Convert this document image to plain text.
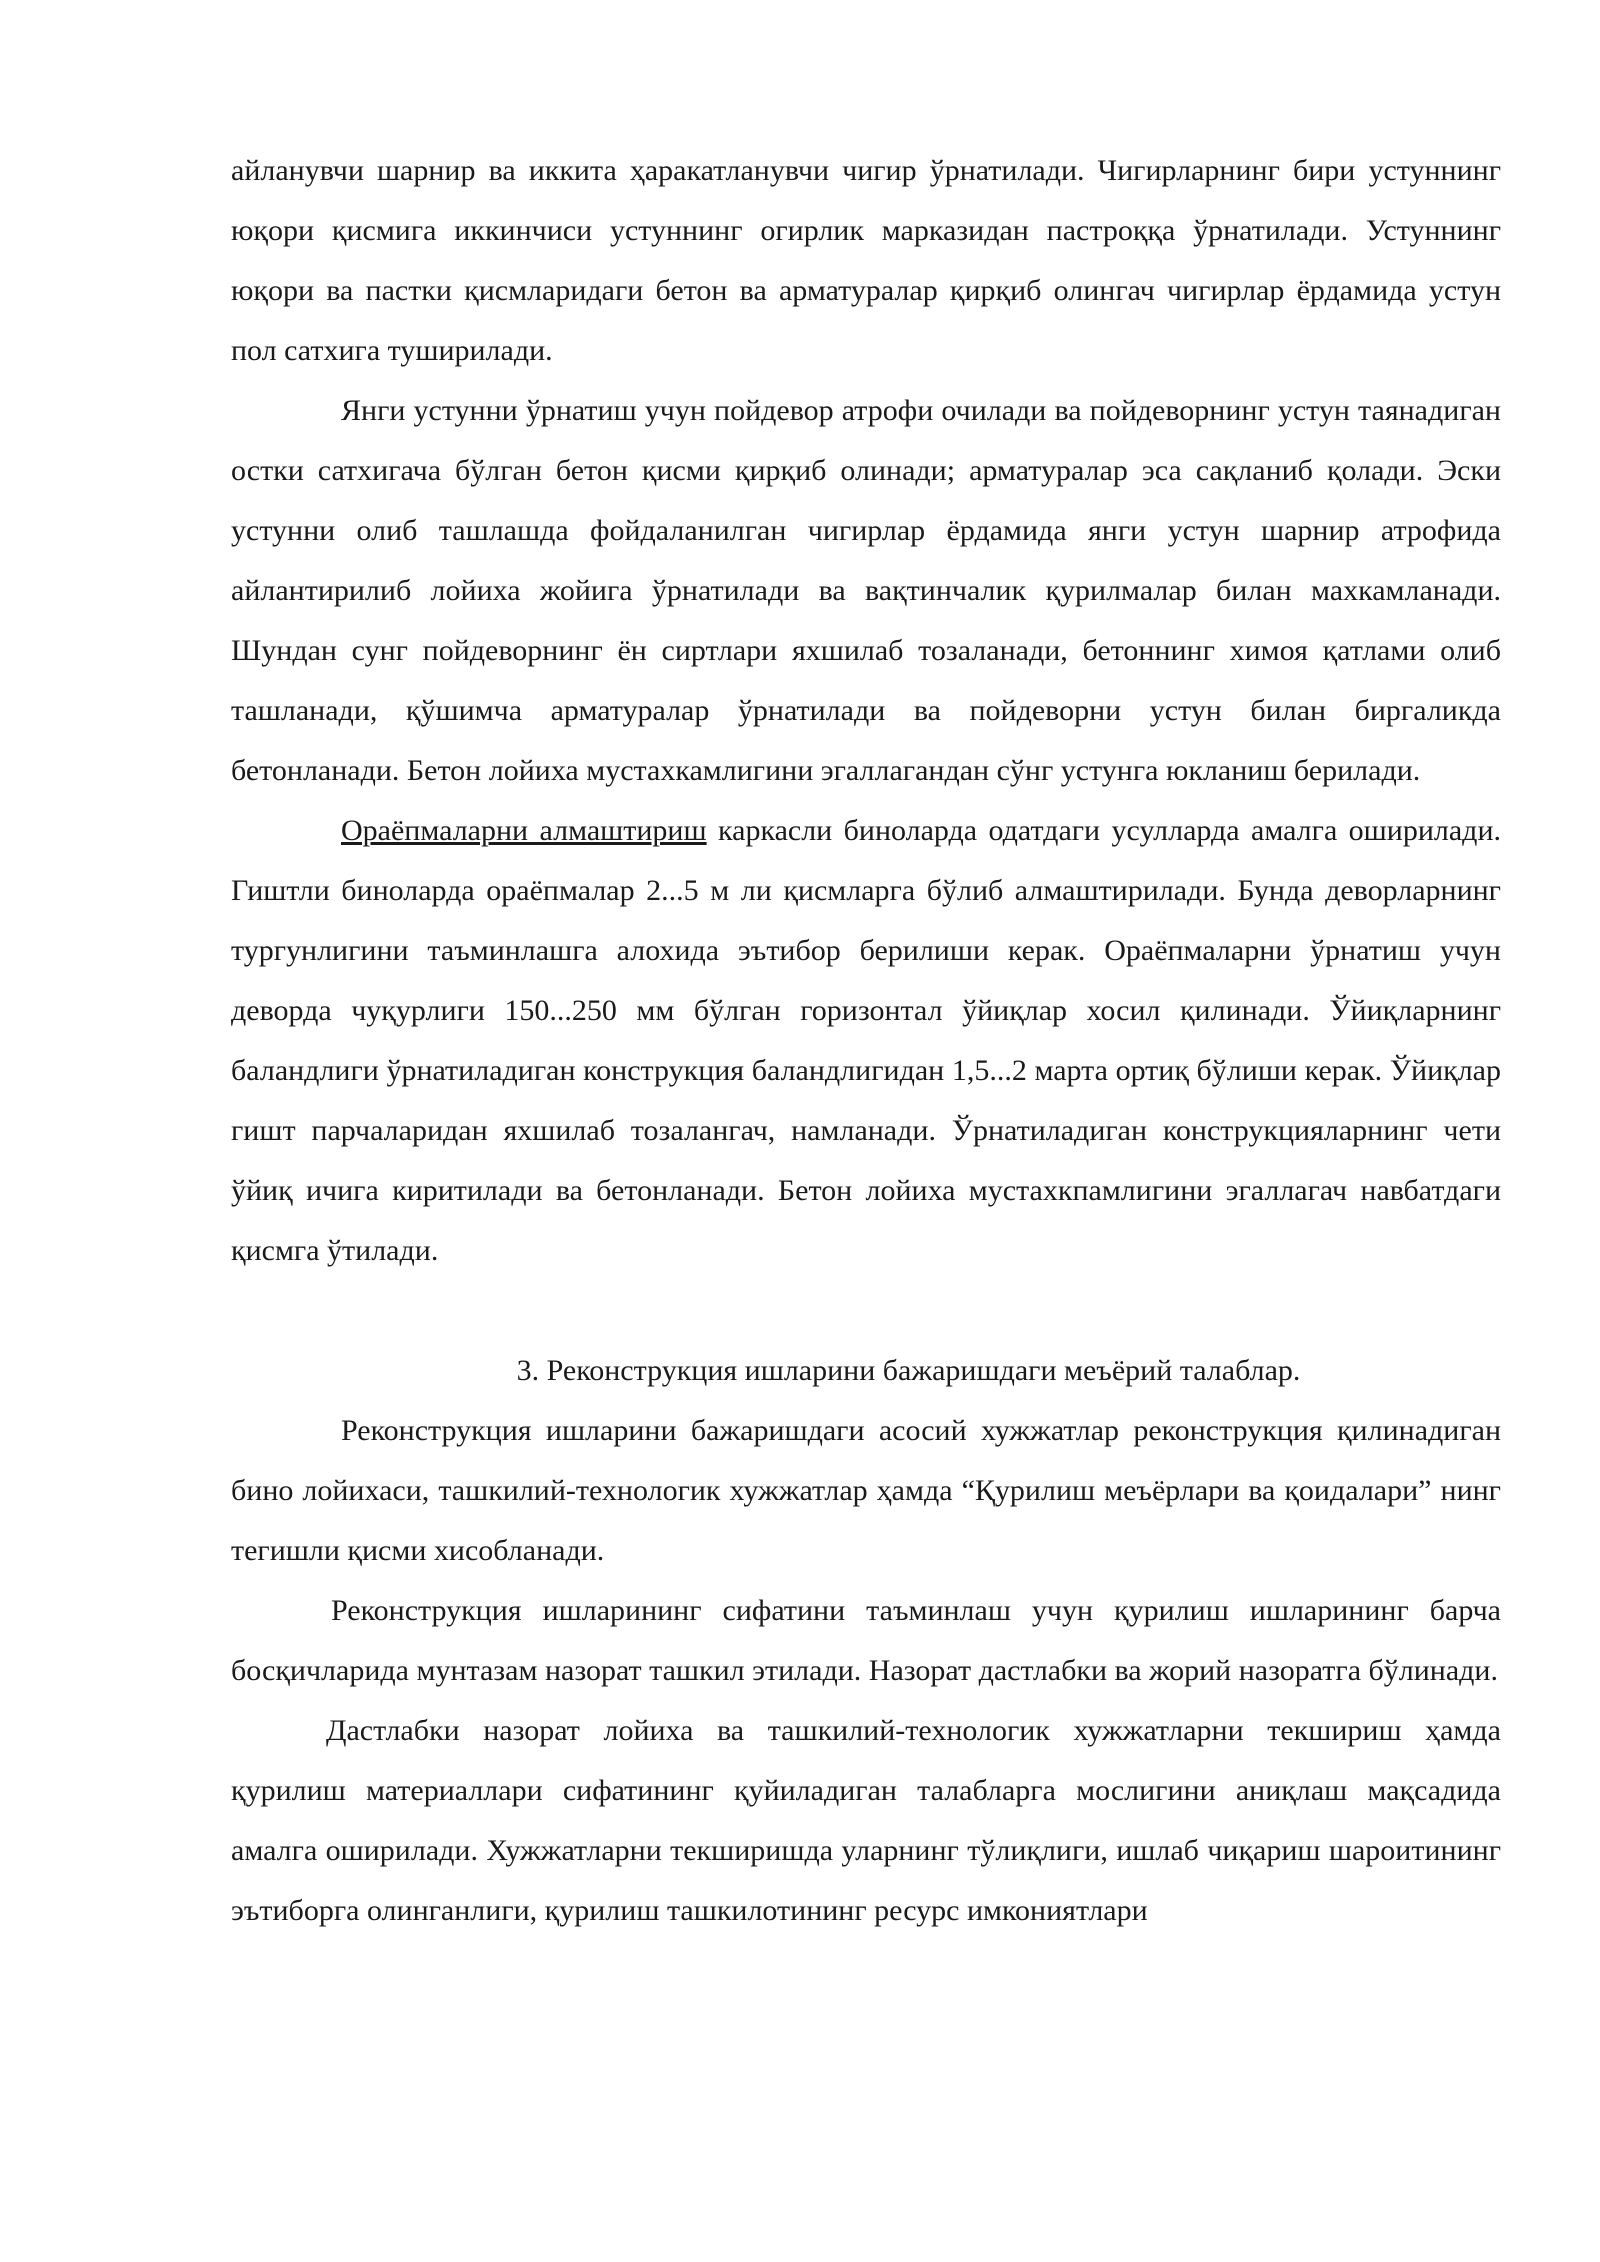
айланувчи шарнир ва иккита ҳаракатланувчи чигир ўрнатилади. Чигирларнинг бири устуннинг юқори қисмига иккинчиси устуннинг огирлик марказидан пастроққа ўрнатилади. Устуннинг юқори ва пастки қисмларидаги бетон ва арматуралар қирқиб олингач чигирлар ёрдамида устун пол сатхига туширилади.

Янги устунни ўрнатиш учун пойдевор атрофи очилади ва пойдеворнинг устун таянадиган остки сатхигача бўлган бетон қисми қирқиб олинади; арматуралар эса сақланиб қолади. Эски устунни олиб ташлашда фойдаланилган чигирлар ёрдамида янги устун шарнир атрофида айлантирилиб лойиха жойига ўрнатилади ва вақтинчалик қурилмалар билан махкамланади. Шундан сунг пойдеворнинг ён сиртлари яхшилаб тозаланади, бетоннинг химоя қатлами олиб ташланади, қўшимча арматуралар ўрнатилади ва пойдеворни устун билан биргаликда бетонланади. Бетон лойиха мустахкамлигини эгаллагандан сўнг устунга юкланиш берилади.

Ораёпмаларни алмаштириш каркасли биноларда одатдаги усулларда амалга оширилади. Гиштли биноларда ораёпмалар 2...5 м ли қисмларга бўлиб алмаштирилади. Бунда деворларнинг тургунлигини таъминлашга алохида эътибор берилиши керак. Ораёпмаларни ўрнатиш учун деворда чуқурлиги 150...250 мм бўлган горизонтал ўйиқлар хосил қилинади. Ўйиқларнинг баландлиги ўрнатиладиган конструкция баландлигидан 1,5...2 марта ортиқ бўлиши керак. Ўйиқлар гишт парчаларидан яхшилаб тозалангач, намланади. Ўрнатиладиган конструкцияларнинг чети ўйиқ ичига киритилади ва бетонланади. Бетон лойиха мустахкпамлигини эгаллагач навбатдаги қисмга ўтилади.

3. Реконструкция ишларини бажаришдаги меъёрий талаблар.

Реконструкция ишларини бажаришдаги асосий хужжатлар реконструкция қилинадиган бино лойихаси, ташкилий-технологик хужжатлар ҳамда “Қурилиш меъёрлари ва қоидалари” нинг тегишли қисми хисобланади.

Реконструкция ишларининг сифатини таъминлаш учун қурилиш ишларининг барча босқичларида мунтазам назорат ташкил этилади. Назорат дастлабки ва жорий назоратга бўлинади.

Дастлабки назорат лойиха ва ташкилий-технологик хужжатларни текшириш ҳамда қурилиш материаллари сифатининг қуйиладиган талабларга мослигини аниқлаш мақсадида амалга оширилади. Хужжатларни текширишда уларнинг тўлиқлиги, ишлаб чиқариш шароитининг эътиборга олинганлиги, қурилиш ташкилотининг ресурс имкониятлари
